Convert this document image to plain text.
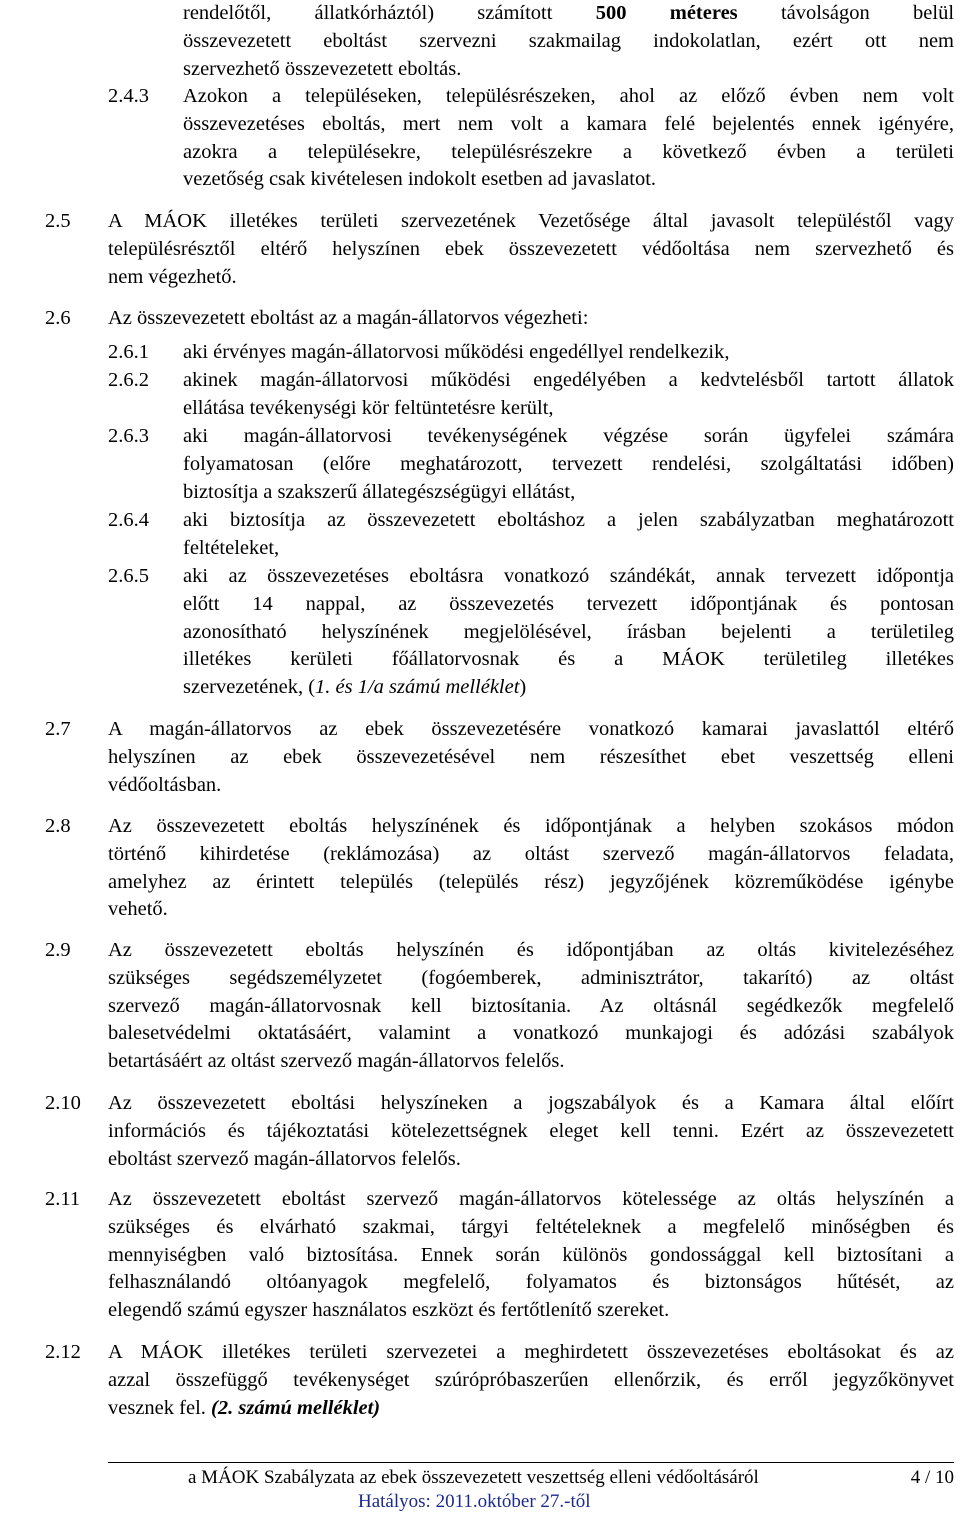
rendelőtől, állatkórháztól) számított 500 méteres távolságon belül
összevezetett eboltást szervezni szakmailag indokolatlan, ezért ott nem
szervezhető összevezetett eboltás.
2.4.3 Azokon a településeken, településrészeken, ahol az előző évben nem volt
összevezetéses eboltás, mert nem volt a kamara felé bejelentés ennek igényére,
azokra a településekre, településrészekre a következő évben a területi
vezetőség csak kivételesen indokolt esetben ad javaslatot.
2.5 A MÁOK illetékes területi szervezetének Vezetősége által javasolt településtől vagy
településrésztől eltérő helyszínen ebek összevezetett védőoltása nem szervezhető és
nem végezhető.
2.6 Az összevezetett eboltást az a magán-állatorvos végezheti:
2.6.1 aki érvényes magán-állatorvosi működési engedéllyel rendelkezik,
2.6.2 akinek magán-állatorvosi működési engedélyében a kedvtelésből tartott állatok
ellátása tevékenységi kör feltüntetésre került,
2.6.3 aki magán-állatorvosi tevékenységének végzése során ügyfelei számára
folyamatosan (előre meghatározott, tervezett rendelési, szolgáltatási időben)
biztosítja a szakszerű állategészségügyi ellátást,
2.6.4 aki biztosítja az összevezetett eboltáshoz a jelen szabályzatban meghatározott
feltételeket,
2.6.5 aki az összevezetéses eboltásra vonatkozó szándékát, annak tervezett időpontja
előtt 14 nappal, az összevezetés tervezett időpontjának és pontosan
azonosítható helyszínének megjelölésével, írásban bejelenti a területileg
illetékes kerületi főállatorvosnak és a MÁOK területileg illetékes
szervezetének, (1. és 1/a számú melléklet)
2.7 A magán-állatorvos az ebek összevezetésére vonatkozó kamarai javaslattól eltérő
helyszínen az ebek összevezetésével nem részesíthet ebet veszettség elleni
védőoltásban.
2.8 Az összevezetett eboltás helyszínének és időpontjának a helyben szokásos módon
történő kihirdetése (reklámozása) az oltást szervező magán-állatorvos feladata,
amelyhez az érintett település (település rész) jegyzőjének közreműködése igénybe
vehető.
2.9 Az összevezetett eboltás helyszínén és időpontjában az oltás kivitelezéséhez
szükséges segédszemélyzetet (fogóemberek, adminisztrátor, takarító) az oltást
szervező magán-állatorvosnak kell biztosítania. Az oltásnál segédkezők megfelelő
balesetvédelmi oktatásáért, valamint a vonatkozó munkajogi és adózási szabályok
betartásáért az oltást szervező magán-állatorvos felelős.
2.10 Az összevezetett eboltási helyszíneken a jogszabályok és a Kamara által előírt
információs és tájékoztatási kötelezettségnek eleget kell tenni. Ezért az összevezetett
eboltást szervező magán-állatorvos felelős.
2.11 Az összevezetett eboltást szervező magán-állatorvos kötelessége az oltás helyszínén a
szükséges és elvárható szakmai, tárgyi feltételeknek a megfelelő minőségben és
mennyiségben való biztosítása. Ennek során különös gondossággal kell biztosítani a
felhasználandó oltóanyagok megfelelő, folyamatos és biztonságos hűtését, az
elegendő számú egyszer használatos eszközt és fertőtlenítő szereket.
2.12 A MÁOK illetékes területi szervezetei a meghirdetett összevezetéses eboltásokat és az
azzal összefüggő tevékenységet szúrópróbaszerűen ellenőrzik, és erről jegyzőkönyvet
vesznek fel. (2. számú melléklet)
a MÁOK Szabályzata az ebek összevezetett veszettség elleni védőoltásáról	4 / 10
Hatályos: 2011.október 27.-től
